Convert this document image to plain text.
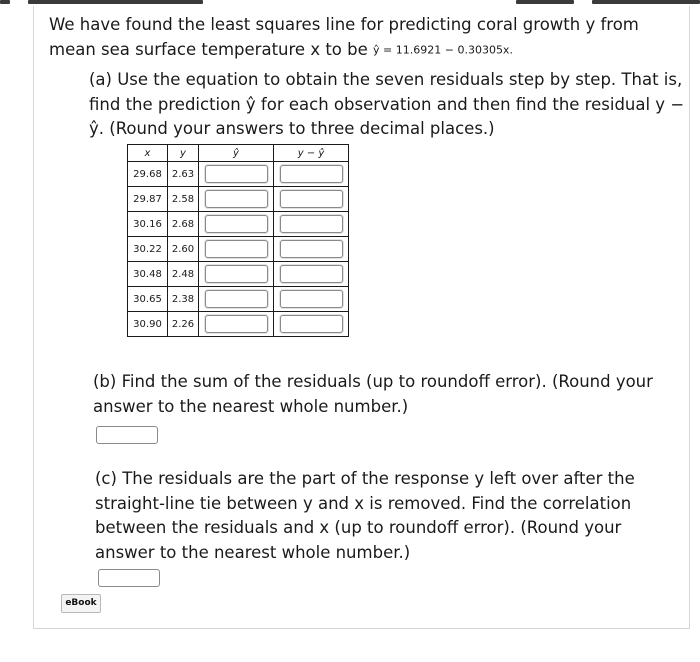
We have found the least squares line for predicting coral growth y from mean sea surface temperature x to be ŷ = 11.6921 − 0.30305x.
(a) Use the equation to obtain the seven residuals step by step. That is, find the prediction ŷ for each observation and then find the residual y − ŷ. (Round your answers to three decimal places.)
x	y	ŷ	y − ŷ
29.68	2.63	

29.87	2.58	

30.16	2.68	

30.22	2.60	

30.48	2.48	

30.65	2.38	

30.90	2.26	

(b) Find the sum of the residuals (up to roundoff error). (Round your answer to the nearest whole number.)
(c) The residuals are the part of the response y left over after the straight-line tie between y and x is removed. Find the correlation between the residuals and x (up to roundoff error). (Round your answer to the nearest whole number.)
eBook
